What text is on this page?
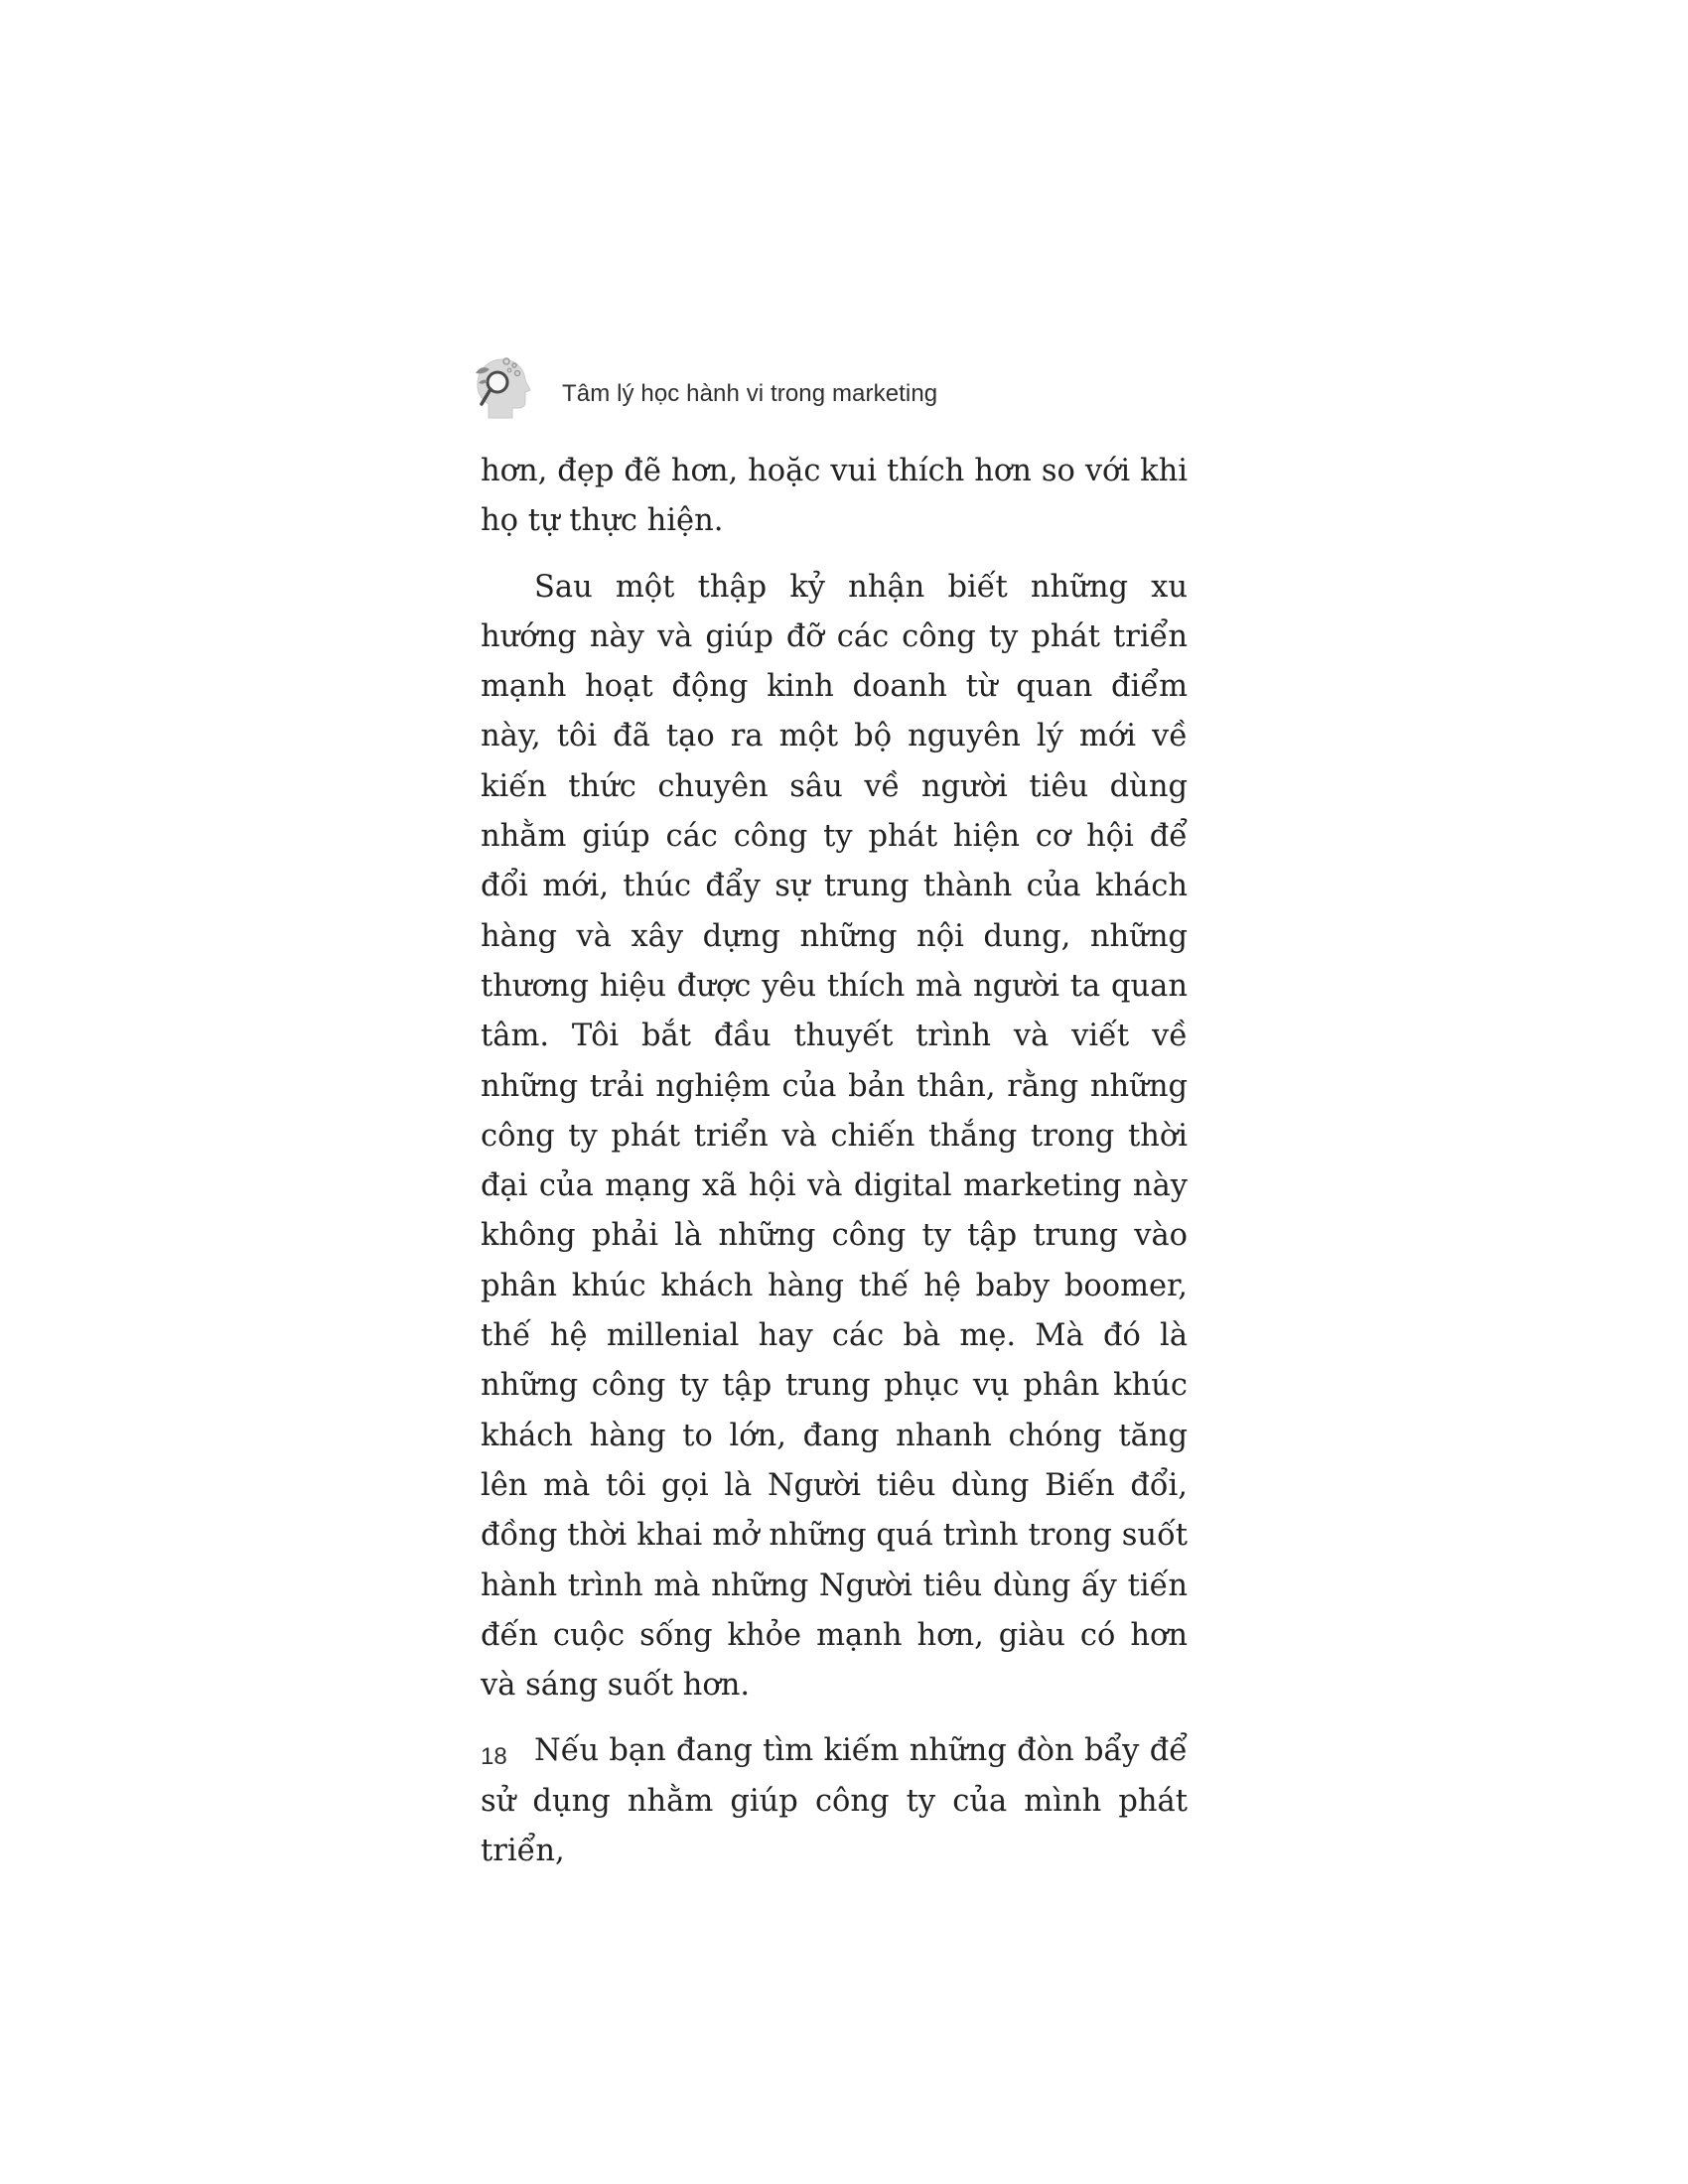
Tâm lý học hành vi trong marketing

hơn, đẹp đẽ hơn, hoặc vui thích hơn so với khi họ tự thực hiện.

Sau một thập kỷ nhận biết những xu hướng này và giúp đỡ các công ty phát triển mạnh hoạt động kinh doanh từ quan điểm này, tôi đã tạo ra một bộ nguyên lý mới về kiến thức chuyên sâu về người tiêu dùng nhằm giúp các công ty phát hiện cơ hội để đổi mới, thúc đẩy sự trung thành của khách hàng và xây dựng những nội dung, những thương hiệu được yêu thích mà người ta quan tâm. Tôi bắt đầu thuyết trình và viết về những trải nghiệm của bản thân, rằng những công ty phát triển và chiến thắng trong thời đại của mạng xã hội và digital marketing này không phải là những công ty tập trung vào phân khúc khách hàng thế hệ baby boomer, thế hệ millenial hay các bà mẹ. Mà đó là những công ty tập trung phục vụ phân khúc khách hàng to lớn, đang nhanh chóng tăng lên mà tôi gọi là Người tiêu dùng Biến đổi, đồng thời khai mở những quá trình trong suốt hành trình mà những Người tiêu dùng ấy tiến đến cuộc sống khỏe mạnh hơn, giàu có hơn và sáng suốt hơn.

Nếu bạn đang tìm kiếm những đòn bẩy để sử dụng nhằm giúp công ty của mình phát triển,

18
